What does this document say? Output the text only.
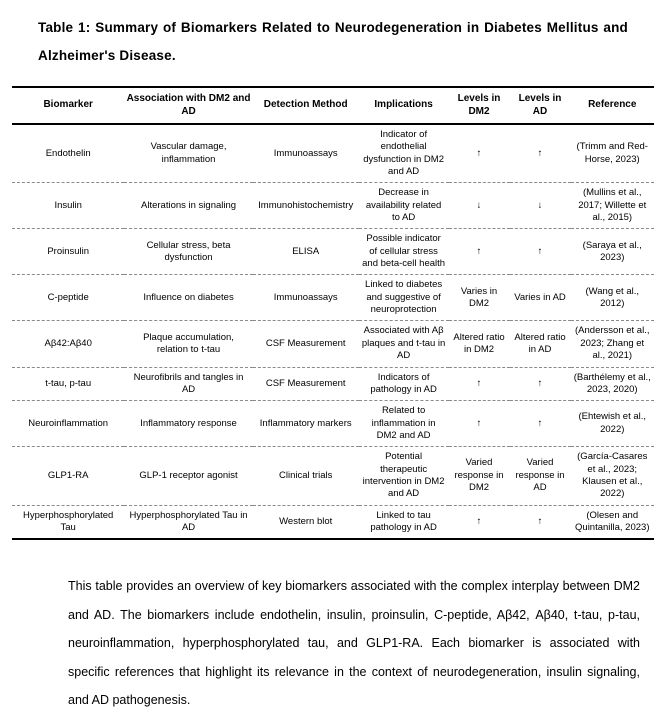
Table 1: Summary of Biomarkers Related to Neurodegeneration in Diabetes Mellitus and Alzheimer's Disease.
Biomarker	Association with DM2 and AD	Detection Method	Implications	Levels in DM2	Levels in AD	Reference
Endothelin	Vascular damage, inflammation	Immunoassays	Indicator of endothelial dysfunction in DM2 and AD	↑	↑	(Trimm and Red-Horse, 2023)
Insulin	Alterations in signaling	Immunohistochemistry	Decrease in availability related to AD	↓	↓	(Mullins et al., 2017; Willette et al., 2015)
Proinsulin	Cellular stress, beta dysfunction	ELISA	Possible indicator of cellular stress and beta-cell health	↑	↑	(Saraya et al., 2023)
C-peptide	Influence on diabetes	Immunoassays	Linked to diabetes and suggestive of neuroprotection	Varies in DM2	Varies in AD	(Wang et al., 2012)
Aβ42:Aβ40	Plaque accumulation, relation to t-tau	CSF Measurement	Associated with Aβ plaques and t-tau in AD	Altered ratio in DM2	Altered ratio in AD	(Andersson et al., 2023; Zhang et al., 2021)
t-tau, p-tau	Neurofibrils and tangles in AD	CSF Measurement	Indicators of pathology in AD	↑	↑	(Barthélemy et al., 2023, 2020)
Neuroinflammation	Inflammatory response	Inflammatory markers	Related to inflammation in DM2 and AD	↑	↑	(Ehtewish et al., 2022)
GLP1-RA	GLP-1 receptor agonist	Clinical trials	Potential therapeutic intervention in DM2 and AD	Varied response in DM2	Varied response in AD	(García-Casares et al., 2023; Klausen et al., 2022)
Hyperphosphorylated Tau	Hyperphosphorylated Tau in AD	Western blot	Linked to tau pathology in AD	↑	↑	(Olesen and Quintanilla, 2023)

This table provides an overview of key biomarkers associated with the complex interplay between DM2 and AD. The biomarkers include endothelin, insulin, proinsulin, C-peptide, Aβ42, Aβ40, t-tau, p-tau, neuroinflammation, hyperphosphorylated tau, and GLP1-RA. Each biomarker is associated with specific references that highlight its relevance in the context of neurodegeneration, insulin signaling, and AD pathogenesis.
